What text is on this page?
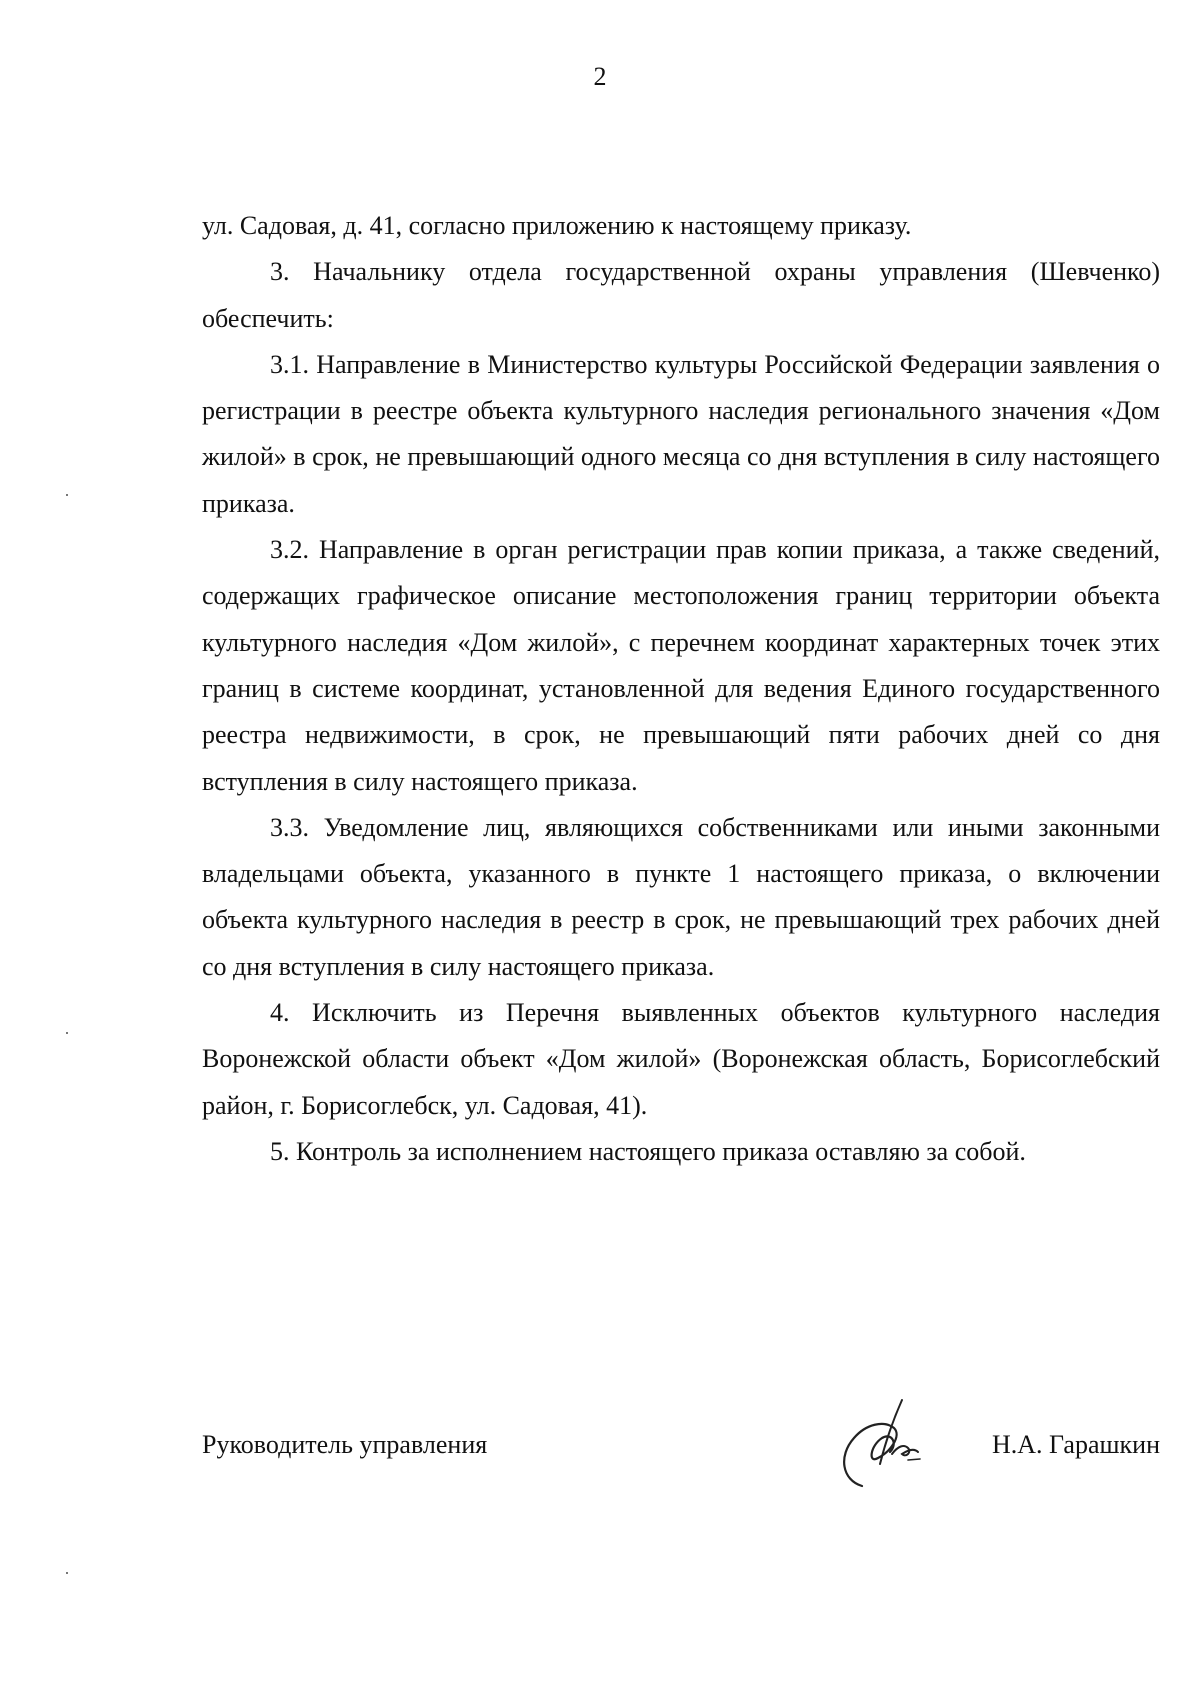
2

ул. Садовая, д. 41, согласно приложению к настоящему приказу.

3. Начальнику отдела государственной охраны управления (Шевченко) обеспечить:

3.1. Направление в Министерство культуры Российской Федерации заявления о регистрации в реестре объекта культурного наследия регионального значения «Дом жилой» в срок, не превышающий одного месяца со дня вступления в силу настоящего приказа.

3.2. Направление в орган регистрации прав копии приказа, а также сведений, содержащих графическое описание местоположения границ территории объекта культурного наследия «Дом жилой», с перечнем координат характерных точек этих границ в системе координат, установленной для ведения Единого государственного реестра недвижимости, в срок, не превышающий пяти рабочих дней со дня вступления в силу настоящего приказа.

3.3. Уведомление лиц, являющихся собственниками или иными законными владельцами объекта, указанного в пункте 1 настоящего приказа, о включении объекта культурного наследия в реестр в срок, не превышающий трех рабочих дней со дня вступления в силу настоящего приказа.

4. Исключить из Перечня выявленных объектов культурного наследия Воронежской области объект «Дом жилой» (Воронежская область, Борисоглебский район, г. Борисоглебск, ул. Садовая, 41).

5. Контроль за исполнением настоящего приказа оставляю за собой.

Руководитель управления	Н.А. Гарашкин
